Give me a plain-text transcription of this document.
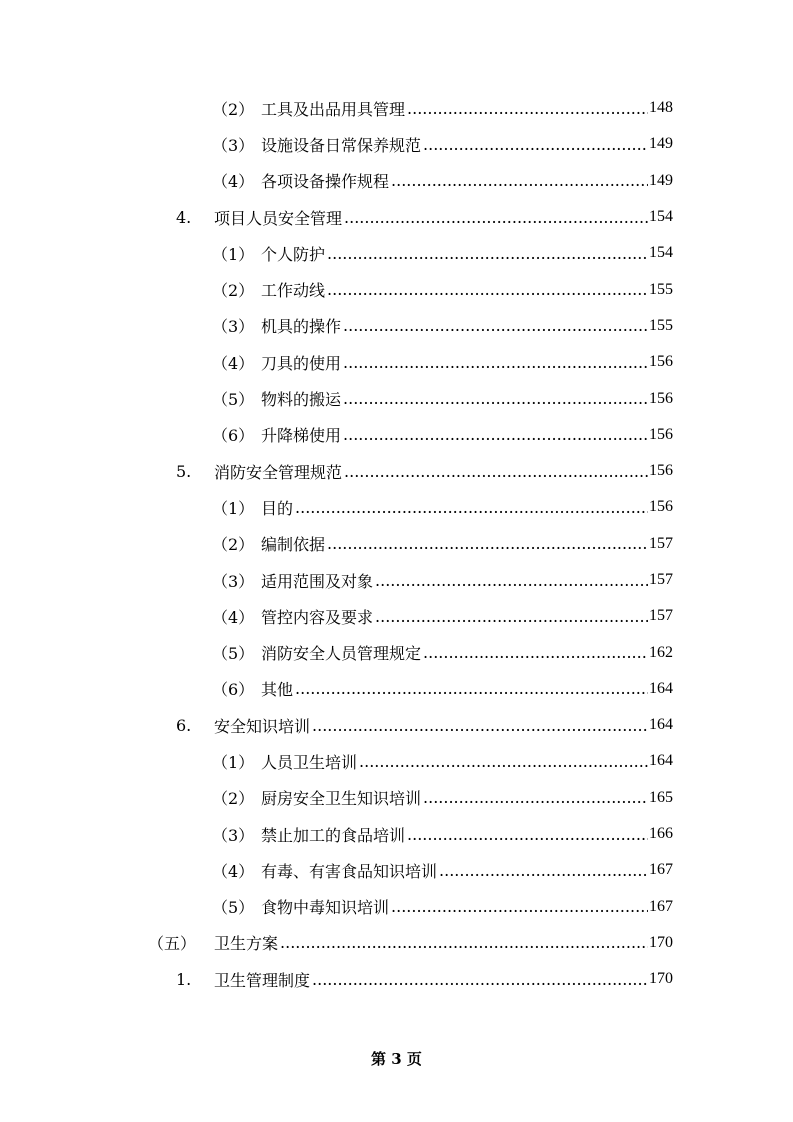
（2） 工具及出品用具管理 .....	148
（3） 设施设备日常保养规范 .....	149
（4） 各项设备操作规程 .....	149
4. 项目人员安全管理 .....	154
（1） 个人防护 .....	154
（2） 工作动线 .....	155
（3） 机具的操作 .....	155
（4） 刀具的使用 .....	156
（5） 物料的搬运 .....	156
（6） 升降梯使用 .....	156
5. 消防安全管理规范 .....	156
（1） 目的 .....	156
（2） 编制依据 .....	157
（3） 适用范围及对象 .....	157
（4） 管控内容及要求 .....	157
（5） 消防安全人员管理规定 .....	162
（6） 其他 .....	164
6. 安全知识培训 .....	164
（1） 人员卫生培训 .....	164
（2） 厨房安全卫生知识培训 .....	165
（3） 禁止加工的食品培训 .....	166
（4） 有毒、有害食品知识培训 .....	167
（5） 食物中毒知识培训 .....	167
（五） 卫生方案 .....	170
1. 卫生管理制度 .....	170
第 3 页
